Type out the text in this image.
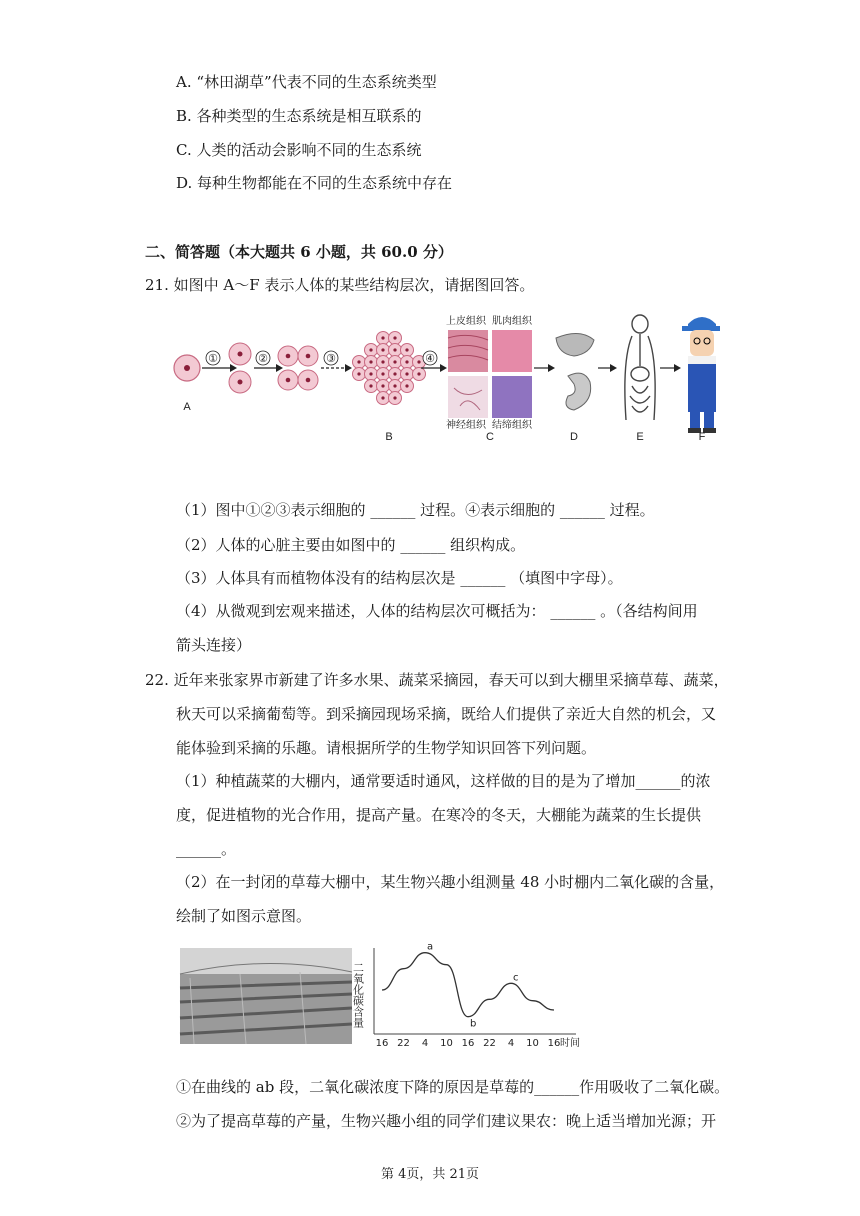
A. “林田湖草”代表不同的生态系统类型
B. 各种类型的生态系统是相互联系的
C. 人类的活动会影响不同的生态系统
D. 每种生物都能在不同的生态系统中存在
二、简答题（本大题共 6 小题，共 60.0 分）
21. 如图中 A～F 表示人体的某些结构层次，请据图回答。
①	②	③	④
上皮组织 肌肉组织
神经组织 结缔组织
A
B	C	D	E	F
（1）图中①②③表示细胞的 ______ 过程。④表示细胞的 ______ 过程。
（2）人体的心脏主要由如图中的 ______ 组织构成。
（3）人体具有而植物体没有的结构层次是 ______ （填图中字母）。
（4）从微观到宏观来描述，人体的结构层次可概括为： ______ 。（各结构间用
箭头连接）
22. 近年来张家界市新建了许多水果、蔬菜采摘园，春天可以到大棚里采摘草莓、蔬菜，
秋天可以采摘葡萄等。到采摘园现场采摘，既给人们提供了亲近大自然的机会，又
能体验到采摘的乐趣。请根据所学的生物学知识回答下列问题。
（1）种植蔬菜的大棚内，通常要适时通风，这样做的目的是为了增加______的浓
度，促进植物的光合作用，提高产量。在寒冷的冬天，大棚能为蔬菜的生长提供
______。
（2）在一封闭的草莓大棚中，某生物兴趣小组测量 48 小时棚内二氧化碳的含量，
绘制了如图示意图。
二氧化碳含量
a
b
c
16 22 4 10 16 22 4 10 16 时间
①在曲线的 ab 段，二氧化碳浓度下降的原因是草莓的______作用吸收了二氧化碳。
②为了提高草莓的产量，生物兴趣小组的同学们建议果农：晚上适当增加光源；开
第 4页，共 21页
